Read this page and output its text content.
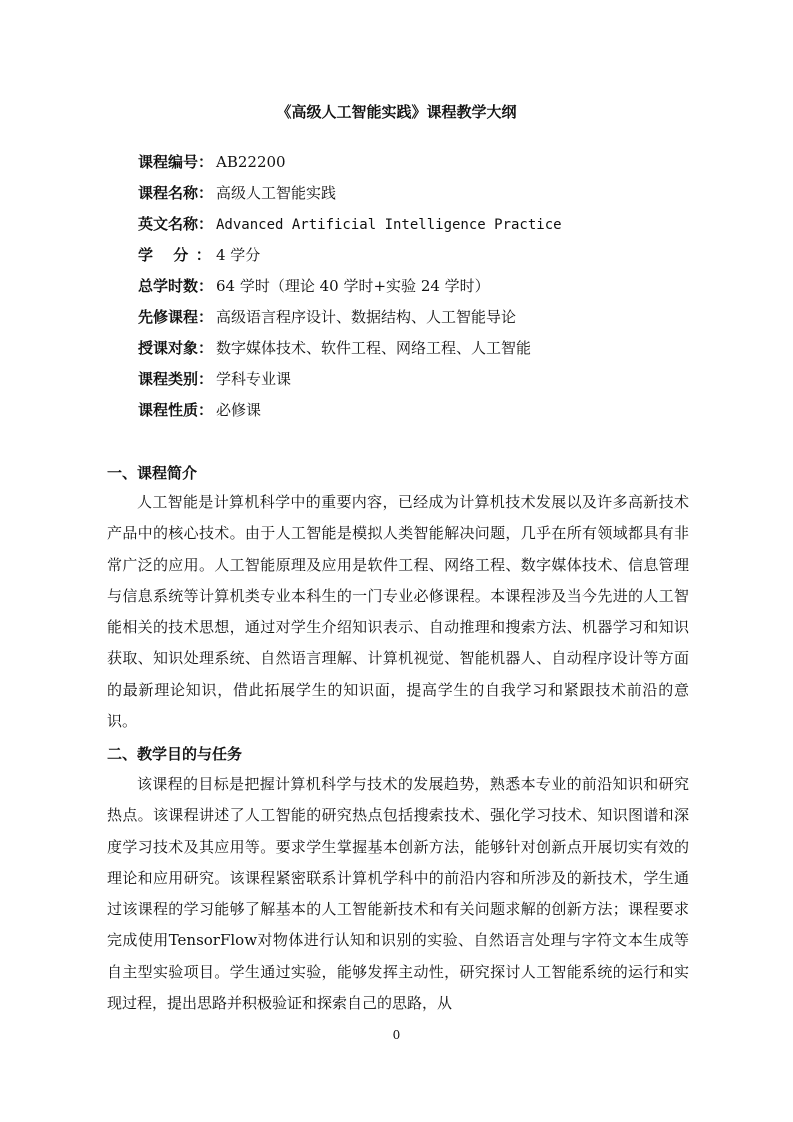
《高级人工智能实践》课程教学大纲
课程编号： AB22200
课程名称： 高级人工智能实践
英文名称： Advanced Artificial Intelligence Practice
学 分：4 学分
总学时数： 64 学时（理论 40 学时+实验 24 学时）
先修课程： 高级语言程序设计、数据结构、人工智能导论
授课对象： 数字媒体技术、软件工程、网络工程、人工智能
课程类别： 学科专业课
课程性质： 必修课
一、课程简介

人工智能是计算机科学中的重要内容，已经成为计算机技术发展以及许多高新技术产品中的核心技术。由于人工智能是模拟人类智能解决问题，几乎在所有领域都具有非常广泛的应用。人工智能原理及应用是软件工程、网络工程、数字媒体技术、信息管理与信息系统等计算机类专业本科生的一门专业必修课程。本课程涉及当今先进的人工智能相关的技术思想，通过对学生介绍知识表示、自动推理和搜索方法、机器学习和知识获取、知识处理系统、自然语言理解、计算机视觉、智能机器人、自动程序设计等方面的最新理论知识，借此拓展学生的知识面，提高学生的自我学习和紧跟技术前沿的意识。

二、教学目的与任务

该课程的目标是把握计算机科学与技术的发展趋势，熟悉本专业的前沿知识和研究热点。该课程讲述了人工智能的研究热点包括搜索技术、强化学习技术、知识图谱和深度学习技术及其应用等。要求学生掌握基本创新方法，能够针对创新点开展切实有效的理论和应用研究。该课程紧密联系计算机学科中的前沿内容和所涉及的新技术，学生通过该课程的学习能够了解基本的人工智能新技术和有关问题求解的创新方法；课程要求完成使用TensorFlow对物体进行认知和识别的实验、自然语言处理与字符文本生成等自主型实验项目。学生通过实验，能够发挥主动性，研究探讨人工智能系统的运行和实现过程，提出思路并积极验证和探索自己的思路，从

0
